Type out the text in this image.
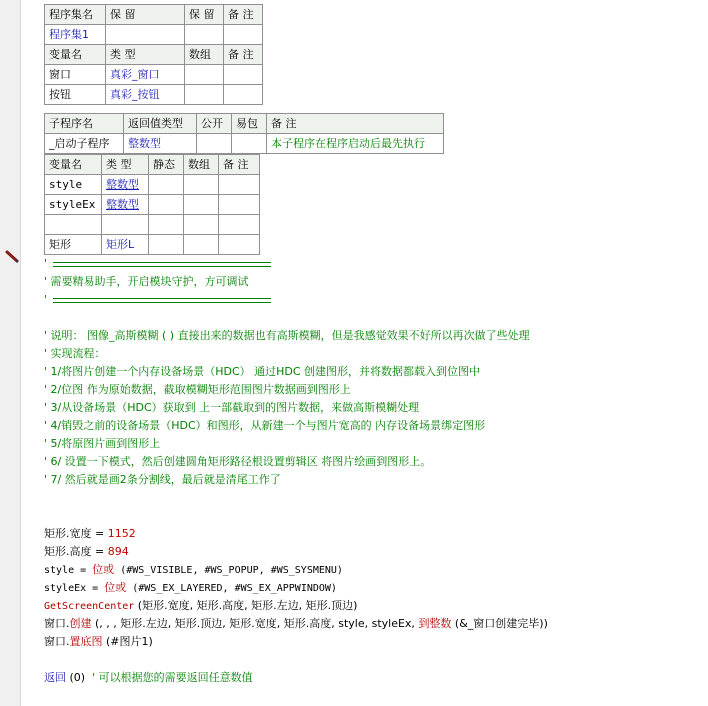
程序集名	保 留	保 留	备 注
程序集1			
变量名	类 型	数组	备 注
窗口	真彩_窗口		
按钮	真彩_按钮		
子程序名	返回值类型	公开	易包	备 注
_启动子程序	整数型			本子程序在程序启动后最先执行
变量名	类 型	静态	数组	备 注
style	整数型			
styleEx	整数型			

矩形	矩形L			
'
' 需要精易助手，开启模块守护，方可调试
'
' 说明： 图像_高斯模糊 ( ) 直接出来的数据也有高斯模糊，但是我感觉效果不好所以再次做了些处理
' 实现流程：
' 1/将图片创建一个内存设备场景（HDC） 通过HDC 创建图形，并将数据都载入到位图中
' 2/位图 作为原始数据，截取模糊矩形范围图片数据画到图形上
' 3/从设备场景（HDC）获取到 上一部截取到的图片数据，来做高斯模糊处理
' 4/销毁之前的设备场景（HDC）和图形，从新建一个与图片宽高的 内存设备场景绑定图形
' 5/将原图片画到图形上
' 6/ 设置一下模式，然后创建圆角矩形路径根设置剪辑区 将图片绘画到图形上。
' 7/ 然后就是画2条分割线，最后就是清尾工作了
矩形.宽度 = 1152
矩形.高度 = 894
style = 位或 (#WS_VISIBLE, #WS_POPUP, #WS_SYSMENU)
styleEx = 位或 (#WS_EX_LAYERED, #WS_EX_APPWINDOW)
GetScreenCenter (矩形.宽度, 矩形.高度, 矩形.左边, 矩形.顶边)
窗口.创建 (, , , 矩形.左边, 矩形.顶边, 矩形.宽度, 矩形.高度, style, styleEx, 到整数 (&_窗口创建完毕))
窗口.置底图 (#图片1)
返回 (0)  ' 可以根据您的需要返回任意数值
